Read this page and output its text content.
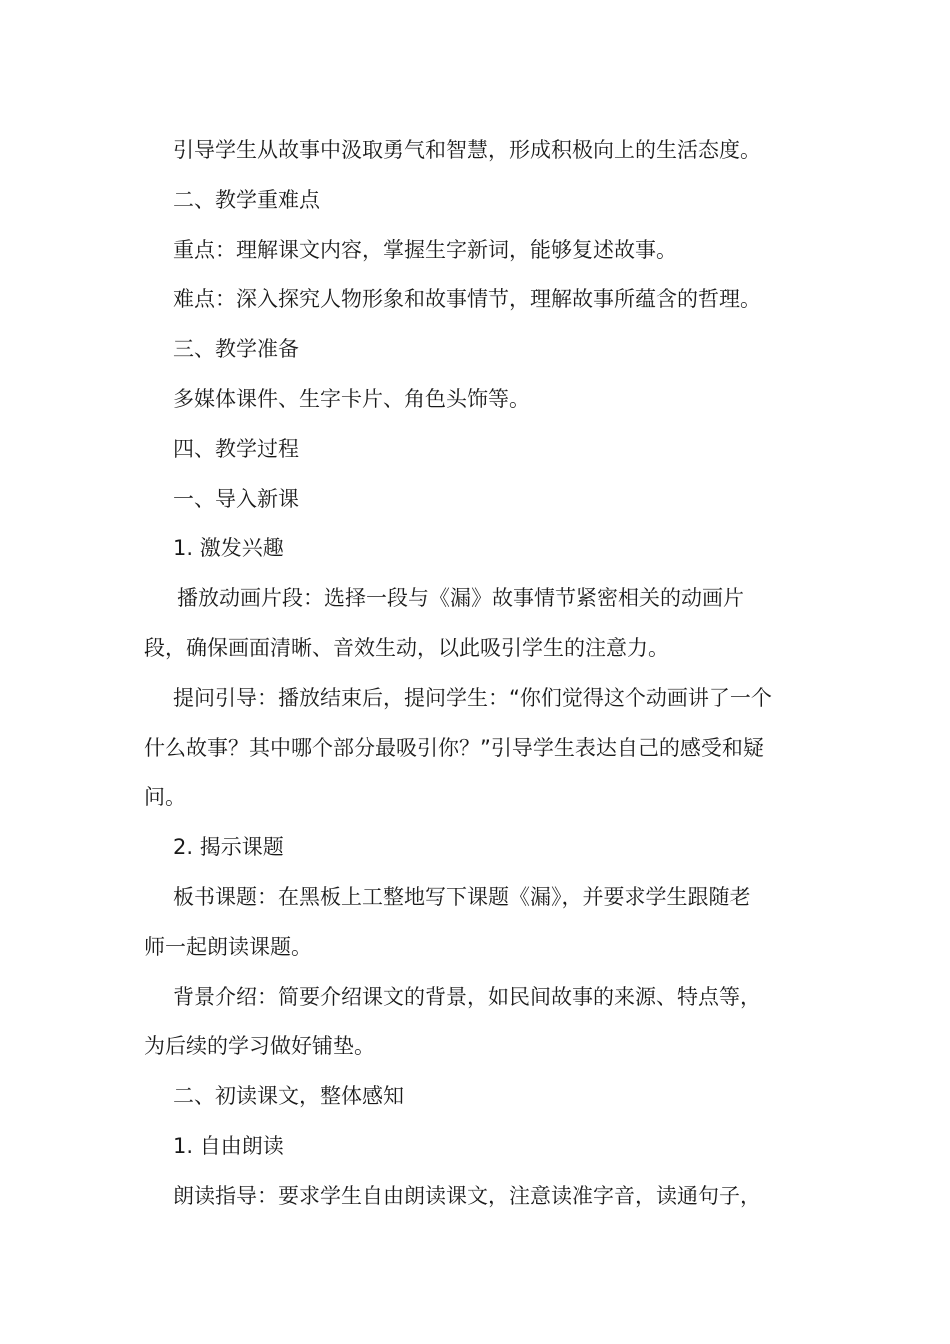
引导学生从故事中汲取勇气和智慧，形成积极向上的生活态度。
二、教学重难点
重点：理解课文内容，掌握生字新词，能够复述故事。
难点：深入探究人物形象和故事情节，理解故事所蕴含的哲理。
三、教学准备
多媒体课件、生字卡片、角色头饰等。
四、教学过程
一、导入新课
1. 激发兴趣
播放动画片段：选择一段与《漏》故事情节紧密相关的动画片
段，确保画面清晰、音效生动，以此吸引学生的注意力。
提问引导：播放结束后，提问学生：“你们觉得这个动画讲了一个
什么故事？其中哪个部分最吸引你？”引导学生表达自己的感受和疑
问。
2. 揭示课题
板书课题：在黑板上工整地写下课题《漏》，并要求学生跟随老
师一起朗读课题。
背景介绍：简要介绍课文的背景，如民间故事的来源、特点等，
为后续的学习做好铺垫。
二、初读课文，整体感知
1. 自由朗读
朗读指导：要求学生自由朗读课文，注意读准字音，读通句子，
